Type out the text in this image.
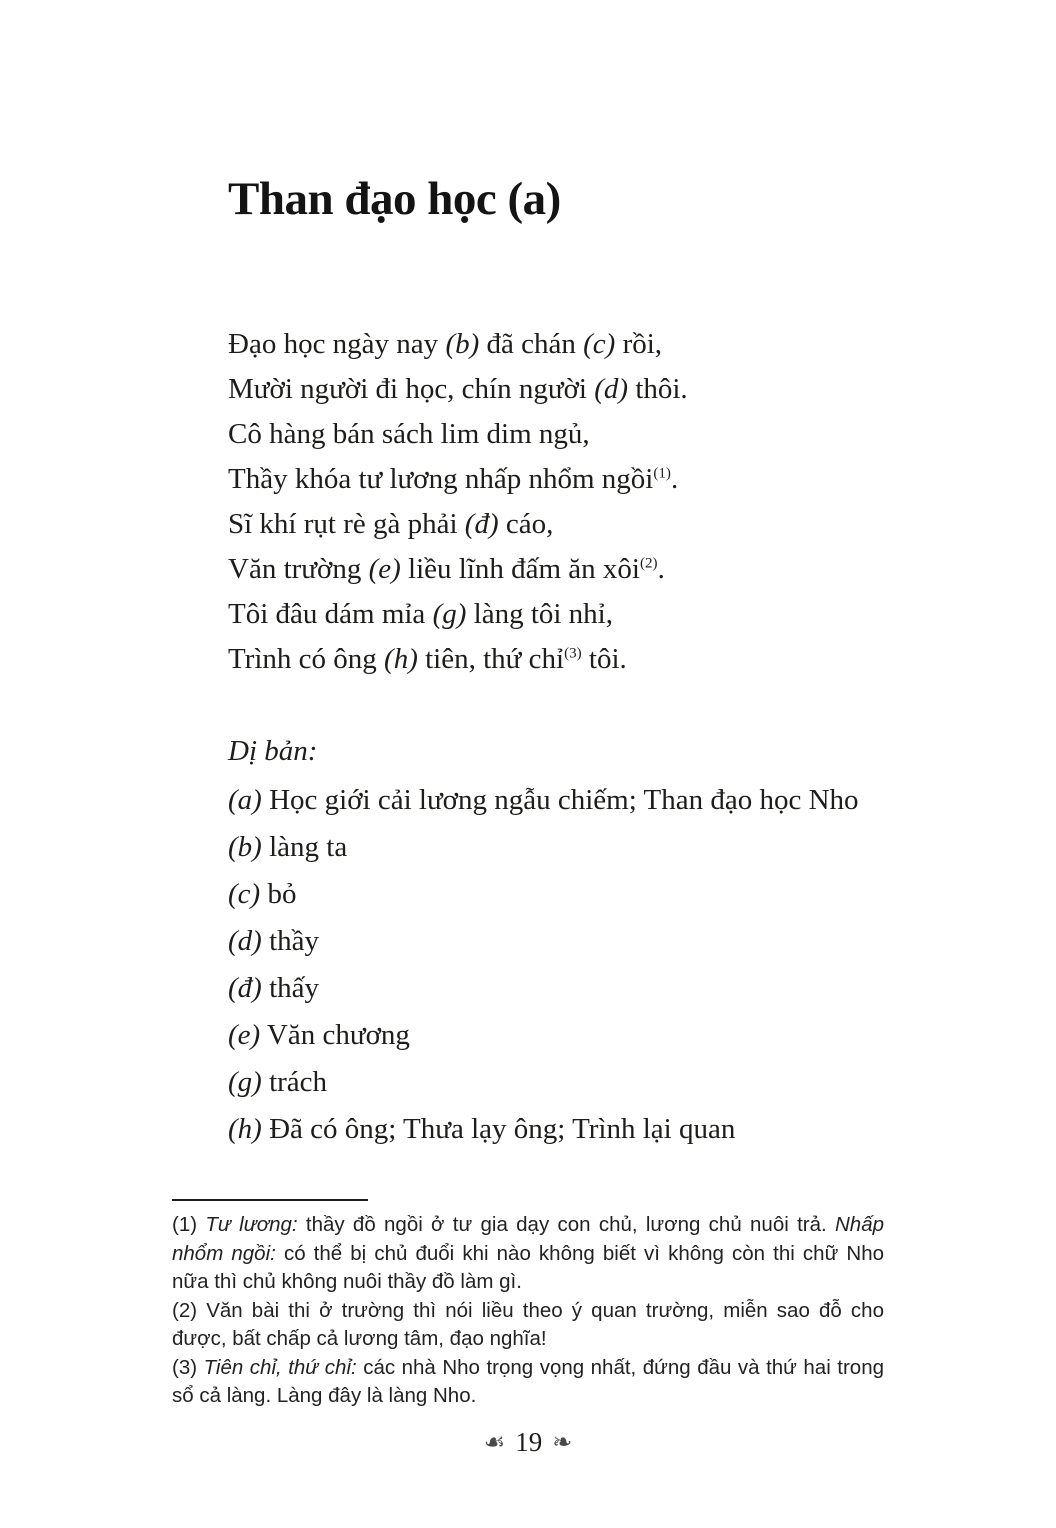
Than đạo học (a)
Đạo học ngày nay (b) đã chán (c) rồi,
Mười người đi học, chín người (d) thôi.
Cô hàng bán sách lim dim ngủ,
Thầy khóa tư lương nhấp nhổm ngồi$^{(1)}$.
Sĩ khí rụt rè gà phải (đ) cáo,
Văn trường (e) liều lĩnh đấm ăn xôi$^{(2)}$.
Tôi đâu dám mỉa (g) làng tôi nhỉ,
Trình có ông (h) tiên, thứ chỉ$^{(3)}$ tôi.
Dị bản:
(a) Học giới cải lương ngẫu chiếm; Than đạo học Nho
(b) làng ta
(c) bỏ
(d) thầy
(đ) thấy
(e) Văn chương
(g) trách
(h) Đã có ông; Thưa lạy ông; Trình lại quan
(1) Tư lương: thầy đồ ngồi ở tư gia dạy con chủ, lương chủ nuôi trả. Nhấp nhổm ngồi: có thể bị chủ đuổi khi nào không biết vì không còn thi chữ Nho nữa thì chủ không nuôi thầy đồ làm gì.
(2) Văn bài thi ở trường thì nói liều theo ý quan trường, miễn sao đỗ cho được, bất chấp cả lương tâm, đạo nghĩa!
(3) Tiên chỉ, thứ chỉ: các nhà Nho trọng vọng nhất, đứng đầu và thứ hai trong sổ cả làng. Làng đây là làng Nho.
☙ 19 ❧
